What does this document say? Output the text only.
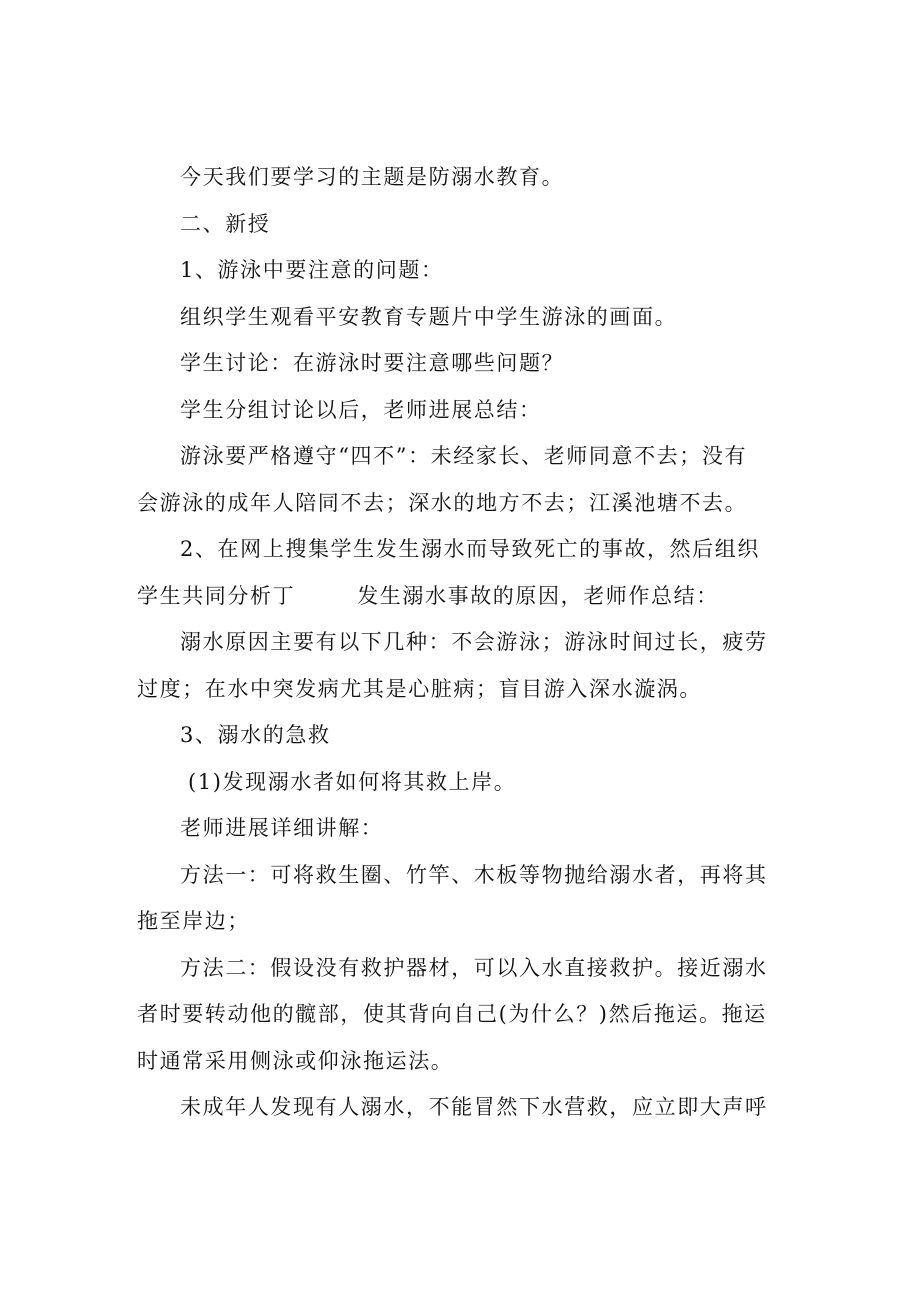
今天我们要学习的主题是防溺水教育。
二、新授
1、游泳中要注意的问题：
组织学生观看平安教育专题片中学生游泳的画面。
学生讨论：在游泳时要注意哪些问题？
学生分组讨论以后，老师进展总结：
游泳要严格遵守“四不”：未经家长、老师同意不去；没有
会游泳的成年人陪同不去；深水的地方不去；江溪池塘不去。
2、在网上搜集学生发生溺水而导致死亡的事故，然后组织
学生共同分析丁	发生溺水事故的原因，老师作总结：
溺水原因主要有以下几种：不会游泳；游泳时间过长，疲劳
过度；在水中突发病尤其是心脏病；盲目游入深水漩涡。
3、溺水的急救
(1)发现溺水者如何将其救上岸。
老师进展详细讲解：
方法一：可将救生圈、竹竿、木板等物抛给溺水者，再将其
拖至岸边；
方法二：假设没有救护器材，可以入水直接救护。接近溺水
者时要转动他的髋部，使其背向自己(为什么？)然后拖运。拖运
时通常采用侧泳或仰泳拖运法。
未成年人发现有人溺水，不能冒然下水营救，应立即大声呼
